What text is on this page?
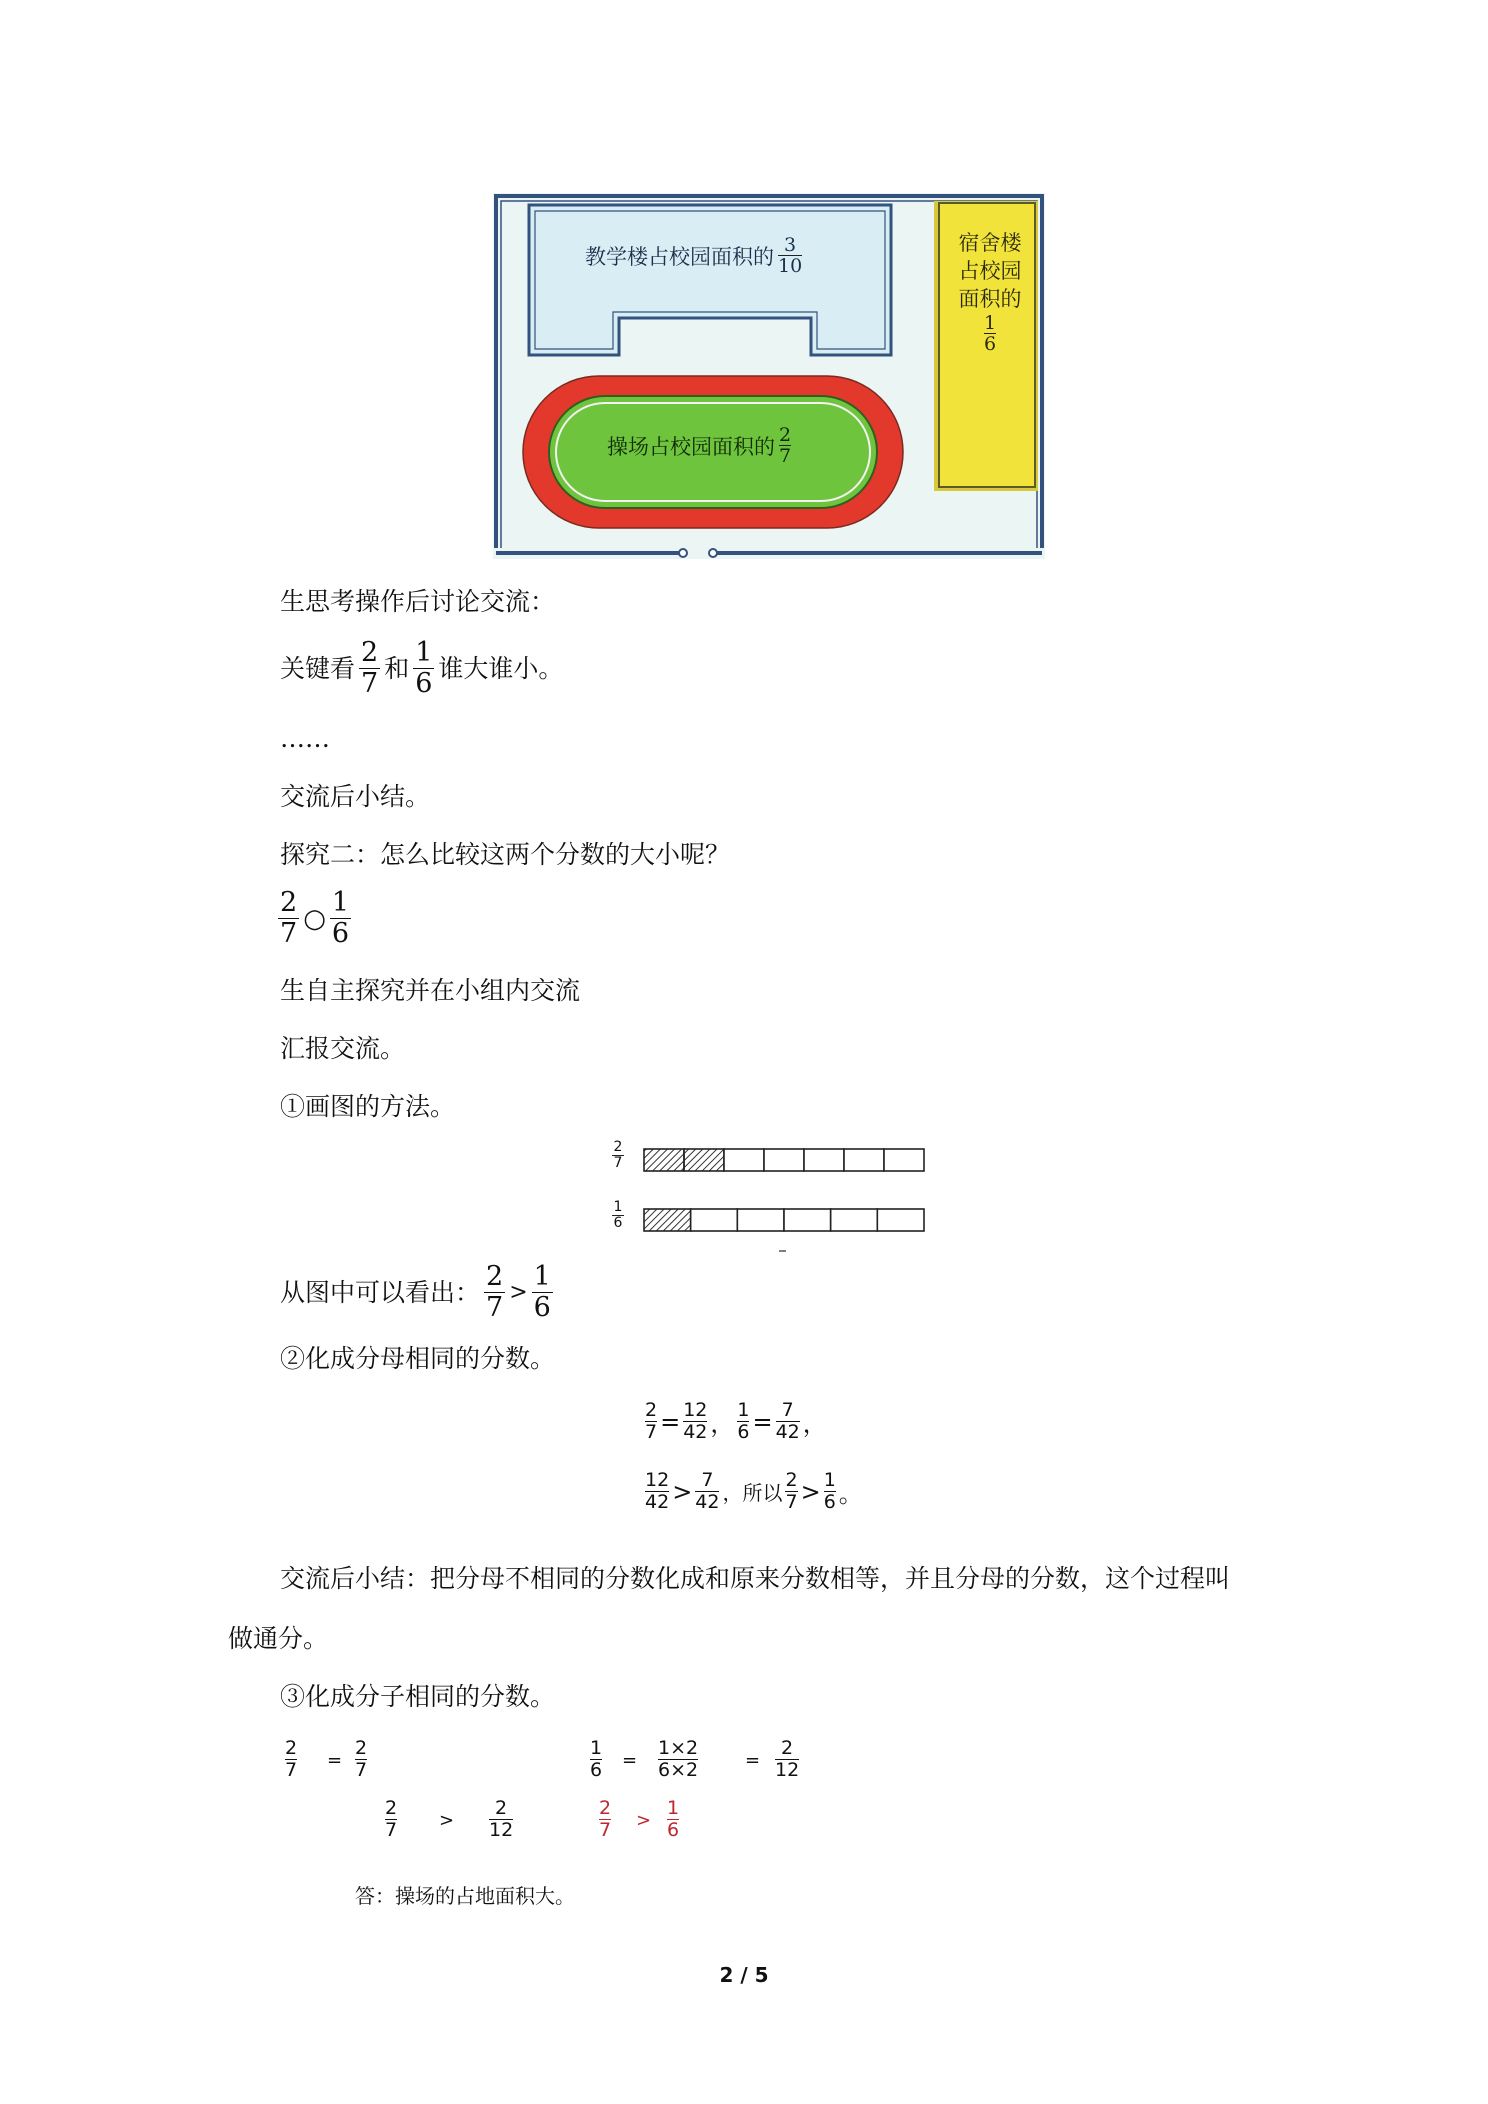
教学楼占校园面积的 3
10
宿舍楼
占校园
面积的
$\frac{1}{6}$
操场占校园面积的 2
7
生思考操作后讨论交流：
关键看 $\frac{2}{7}$ 和 $\frac{1}{6}$ 谁大谁小。
……
交流后小结。
探究二：怎么比较这两个分数的大小呢？
$\frac{2}{7}$ ○ $\frac{1}{6}$
生自主探究并在小组内交流
汇报交流。
①画图的方法。
2
7
1
6
从图中可以看出： $\frac{2}{7} > \frac{1}{6}$
②化成分母相同的分数。
2
7 = 12
42 ， 1
6 = 7
42 ，
12
42 > 7
42 ，所以
2
7 > 1
6 。
交流后小结：把分母不相同的分数化成和原来分数相等，并且分母的分数，这个过程叫
做通分。
③化成分子相同的分数。
2
7 =
2
7
1
6 =
1×2
6×2	=
2
12
2
7 >
2
12
2
7 >
1
6
答：操场的占地面积大。
2 / 5
